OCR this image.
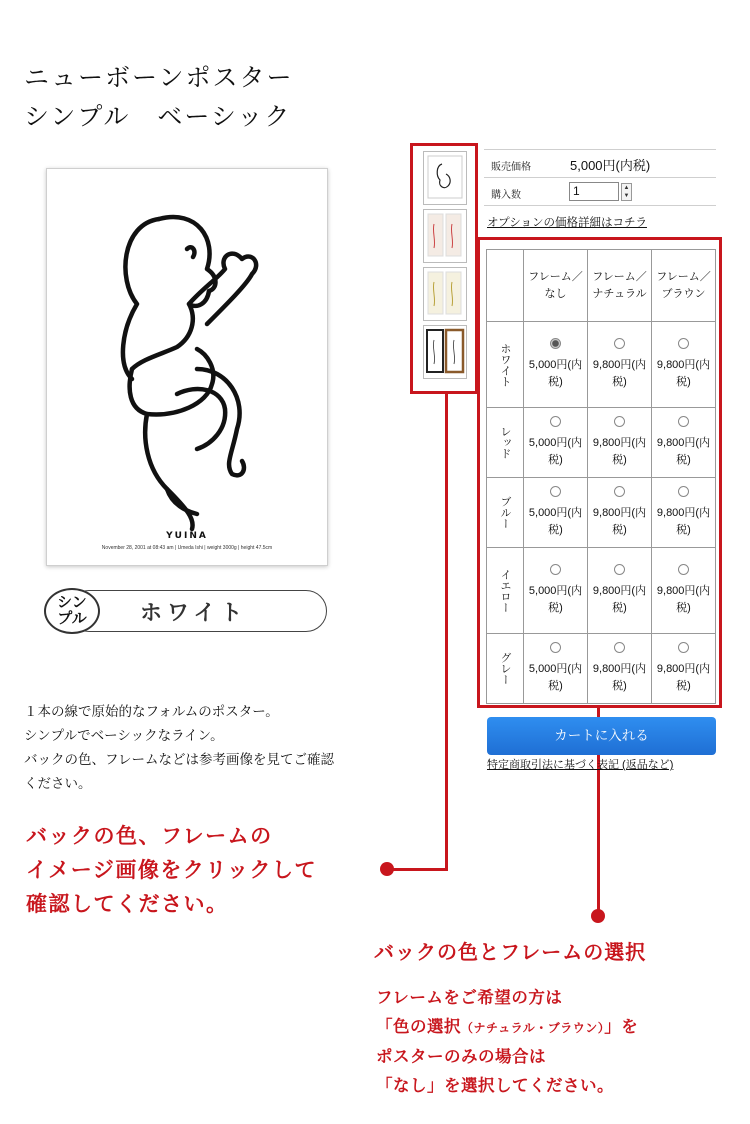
ニューボーンポスター
シンプル　ベーシック
YUINA
November 28, 2001 at 08:43 am | Umeda Ishi | weight 3000g | height 47.5cm
シン
プル ホワイト
１本の線で原始的なフォルムのポスター。
シンプルでベーシックなライン。
バックの色、フレームなどは参考画像を見てご確認
ください。
バックの色、フレームの
イメージ画像をクリックして
確認してください。
バックの色とフレームの選択
フレームをご希望の方は
「色の選択（ナチュラル・ブラウン）」を
ポスターのみの場合は
「なし」を選択してください。
販売価格	5,000円(内税)
購入数	1	▲
▼
オプションの価格詳細はコチラ
	フレーム／なし	フレーム／ナチュラル	フレーム／ブラウン
ホワイト	5,000円(内税)	9,800円(内税)	9,800円(内税)

レッド	5,000円(内税)	9,800円(内税)	9,800円(内税)

ブルー	5,000円(内税)	9,800円(内税)	9,800円(内税)

イエロー	5,000円(内税)	9,800円(内税)	9,800円(内税)

グレー	5,000円(内税)	9,800円(内税)	9,800円(内税)
カートに入れる
特定商取引法に基づく表記 (返品など)
